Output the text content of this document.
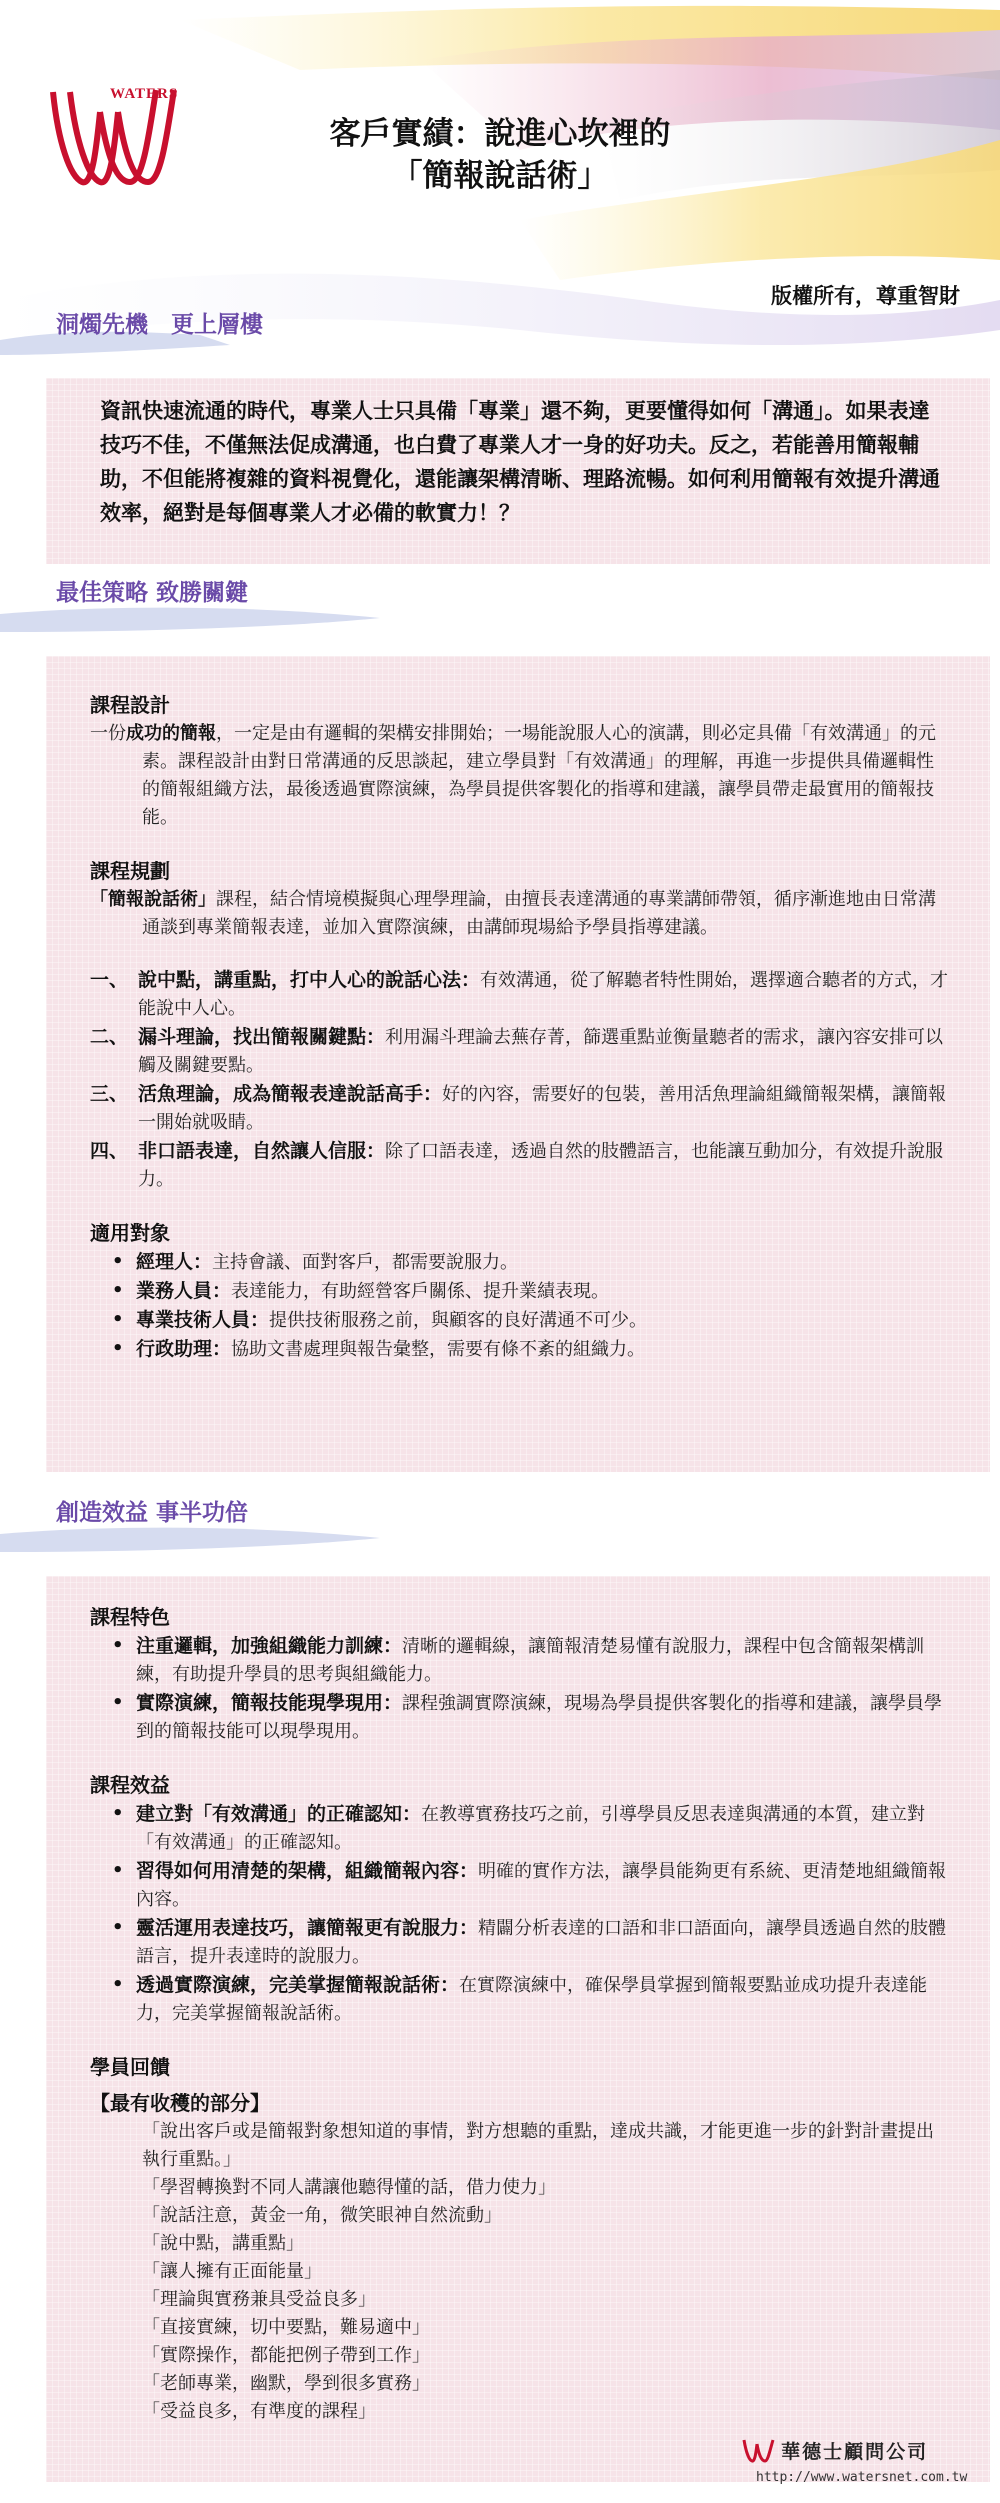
WATERS
客戶實績：說進心坎裡的
「簡報說話術」
版權所有，尊重智財
洞燭先機　更上層樓

資訊快速流通的時代，專業人士只具備「專業」還不夠，更要懂得如何「溝通」。如果表達技巧不佳，不僅無法促成溝通，也白費了專業人才一身的好功夫。反之，若能善用簡報輔助，不但能將複雜的資料視覺化，還能讓架構清晰、理路流暢。如何利用簡報有效提升溝通效率，絕對是每個專業人才必備的軟實力！？

最佳策略 致勝關鍵
課程設計
一份成功的簡報，一定是由有邏輯的架構安排開始；一場能說服人心的演講，則必定具備「有效溝通」的元素。課程設計由對日常溝通的反思談起，建立學員對「有效溝通」的理解，再進一步提供具備邏輯性的簡報組織方法，最後透過實際演練，為學員提供客製化的指導和建議，讓學員帶走最實用的簡報技能。
課程規劃
「簡報說話術」課程，結合情境模擬與心理學理論，由擅長表達溝通的專業講師帶領，循序漸進地由日常溝通談到專業簡報表達，並加入實際演練，由講師現場給予學員指導建議。
一、 說中點，講重點，打中人心的說話心法：有效溝通，從了解聽者特性開始，選擇適合聽者的方式，才能說中人心。
二、 漏斗理論，找出簡報關鍵點：利用漏斗理論去蕪存菁，篩選重點並衡量聽者的需求，讓內容安排可以觸及關鍵要點。
三、 活魚理論，成為簡報表達說話高手：好的內容，需要好的包裝，善用活魚理論組織簡報架構，讓簡報一開始就吸睛。
四、 非口語表達，自然讓人信服：除了口語表達，透過自然的肢體語言，也能讓互動加分，有效提升說服力。
適用對象
• 經理人：主持會議、面對客戶，都需要說服力。
• 業務人員：表達能力，有助經營客戶關係、提升業績表現。
• 專業技術人員：提供技術服務之前，與顧客的良好溝通不可少。
• 行政助理：協助文書處理與報告彙整，需要有條不紊的組織力。
創造效益 事半功倍
課程特色
• 注重邏輯，加強組織能力訓練：清晰的邏輯線，讓簡報清楚易懂有說服力，課程中包含簡報架構訓練，有助提升學員的思考與組織能力。
• 實際演練，簡報技能現學現用：課程強調實際演練，現場為學員提供客製化的指導和建議，讓學員學到的簡報技能可以現學現用。
課程效益
• 建立對「有效溝通」的正確認知：在教導實務技巧之前，引導學員反思表達與溝通的本質，建立對「有效溝通」的正確認知。
• 習得如何用清楚的架構，組織簡報內容：明確的實作方法，讓學員能夠更有系統、更清楚地組織簡報內容。
• 靈活運用表達技巧，讓簡報更有說服力：精闢分析表達的口語和非口語面向，讓學員透過自然的肢體語言，提升表達時的說服力。
• 透過實際演練，完美掌握簡報說話術：在實際演練中，確保學員掌握到簡報要點並成功提升表達能力，完美掌握簡報說話術。
學員回饋
【最有收穫的部分】
「說出客戶或是簡報對象想知道的事情，對方想聽的重點，達成共識，才能更進一步的針對計畫提出執行重點。」
「學習轉換對不同人講讓他聽得懂的話，借力使力」
「說話注意，黃金一角，微笑眼神自然流動」
「說中點，講重點」
「讓人擁有正面能量」
「理論與實務兼具受益良多」
「直接實練，切中要點，難易適中」
「實際操作，都能把例子帶到工作」
「老師專業，幽默，學到很多實務」
「受益良多，有準度的課程」
華德士顧問公司
http://www.watersnet.com.tw
